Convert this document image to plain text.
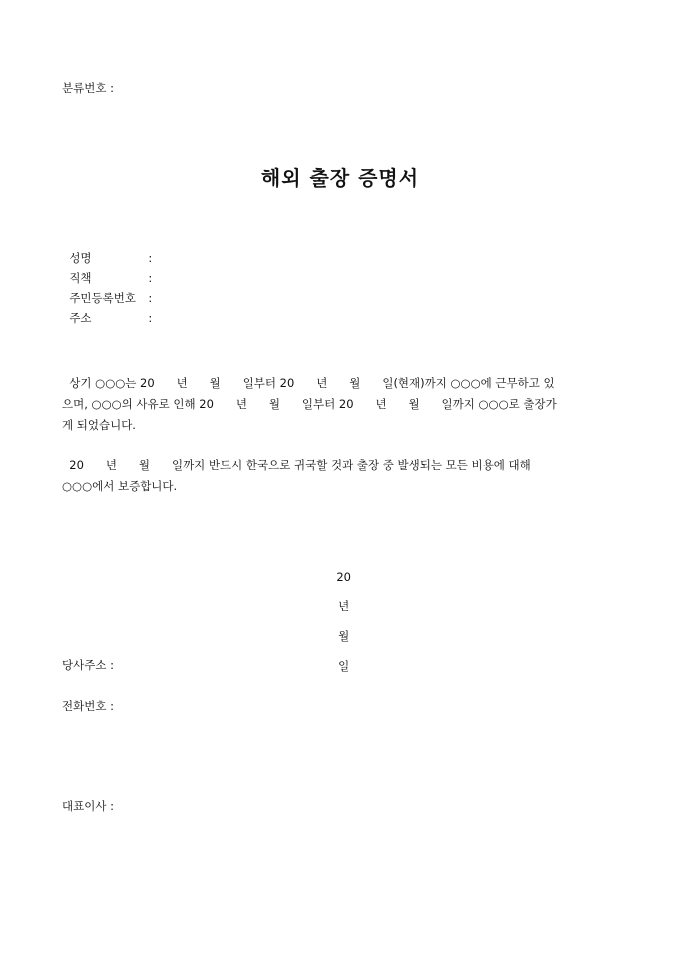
분류번호 :
해외 출장 증명서

성명	:

직책	:

주민등록번호 :

주소	:

상기 ○○○는 20      년      월      일부터 20      년      월      일(현재)까지 ○○○에 근무하고 있
으며, ○○○의 사유로 인해 20      년      월      일부터 20      년      월      일까지 ○○○로 출장가
게 되었습니다.
20      년      월      일까지 반드시 한국으로 귀국할 것과 출장 중 발생되는 모든 비용에 대해
○○○에서 보증합니다.

20

년

월

일

당사주소 :
전화번호 :
대표이사 :
